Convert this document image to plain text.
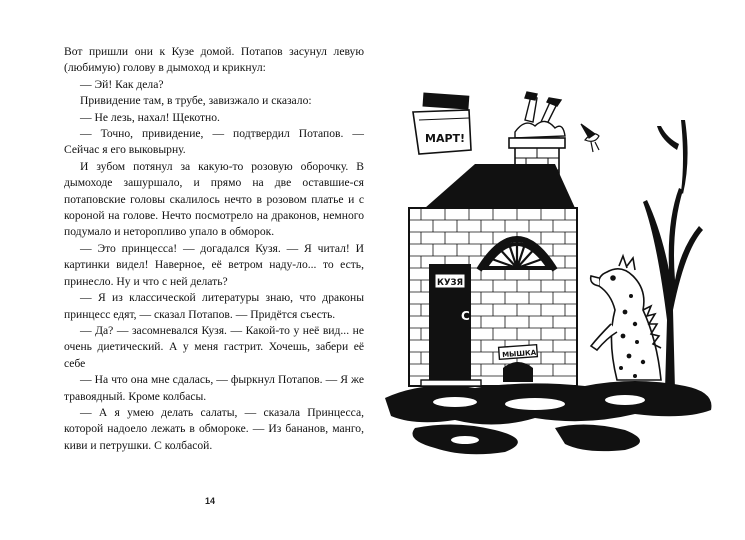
Вот пришли они к Кузе домой. Потапов засунул левую (любимую) голову в дымоход и крикнул:

— Эй! Как дела?

Привидение там, в трубе, завизжало и сказало:

— Не лезь, нахал! Щекотно.

— Точно, привидение, — подтвердил Потапов. — Сейчас я его выковырну.

И зубом потянул за какую-то розовую оборочку. В дымоходе зашуршало, и прямо на две оставшие-ся потаповские головы скалилось нечто в розовом платье и с короной на голове. Нечто посмотрело на драконов, немного подумало и неторопливо упало в обморок.

— Это принцесса! — догадался Кузя. — Я читал! И картинки видел! Наверное, её ветром наду-ло... то есть, принесло. Ну и что с ней делать?

— Я из классической литературы знаю, что драконы принцесс едят, — сказал Потапов. — Придётся съесть.

— Да? — засомневался Кузя. — Какой-то у неё вид... не очень диетический. А у меня гастрит. Хочешь, забери её себе

— На что она мне сдалась, — фыркнул Потапов. — Я же травоядный. Кроме колбасы.

— А я умею делать салаты, — сказала Принцесса, которой надоело лежать в обмороке. — Из бананов, манго, киви и петрушки. С колбасой.

14
МАРТ!
КУЗЯ
С
МЫШКА
